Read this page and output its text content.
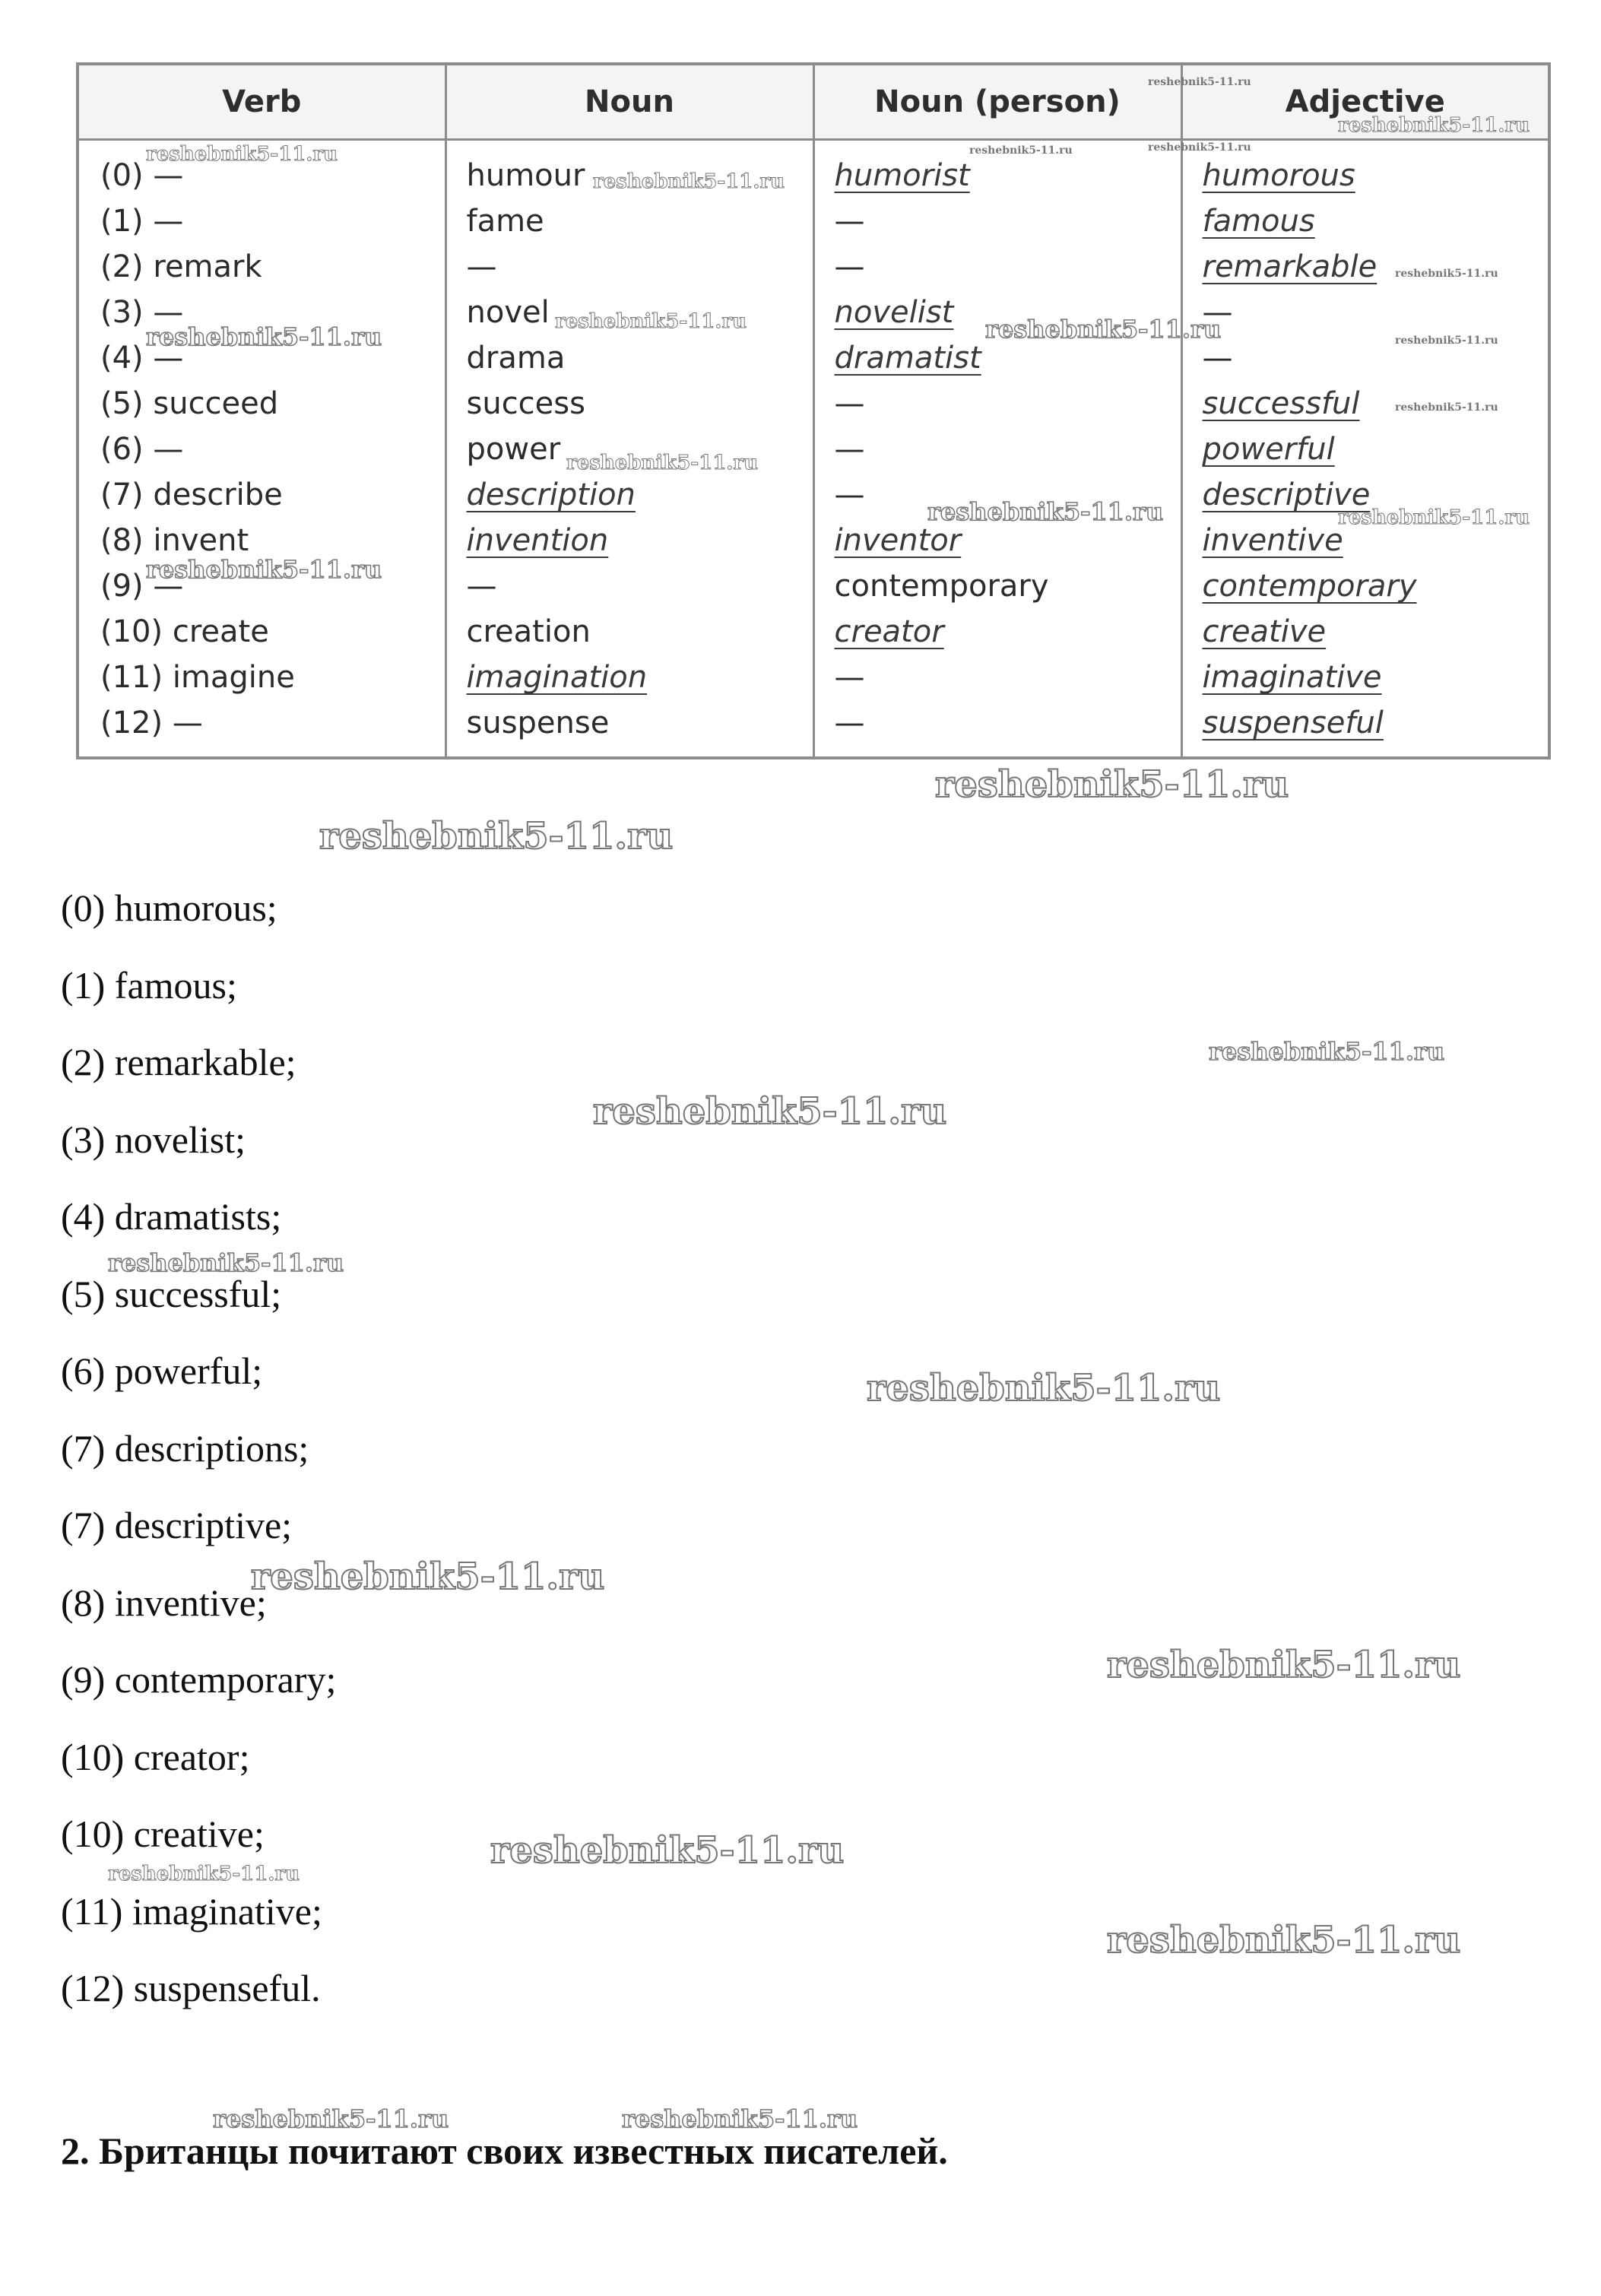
Verb	Noun	Noun (person)	Adjective
(0) —	humour	humorist	humorous
(1) —	fame	—	famous
(2) remark	—	—	remarkable
(3) —	novel	novelist	—
(4) —	drama	dramatist	—
(5) succeed	success	—	successful
(6) —	power	—	powerful
(7) describe	description	—	descriptive
(8) invent	invention	inventor	inventive
(9) —	—	contemporary	contemporary
(10) create	creation	creator	creative
(11) imagine	imagination	—	imaginative
(12) —	suspense	—	suspenseful
(0) humorous;
(1) famous;
(2) remarkable;
(3) novelist;
(4) dramatists;
(5) successful;
(6) powerful;
(7) descriptions;
(7) descriptive;
(8) inventive;
(9) contemporary;
(10) creator;
(10) creative;
(11) imaginative;
(12) suspenseful.
2. Британцы почитают своих известных писателей.
reshebnik5-11.ru
reshebnik5-11.ru
reshebnik5-11.ru
reshebnik5-11.ru
reshebnik5-11.ru
reshebnik5-11.ru
reshebnik5-11.ru
reshebnik5-11.ru
reshebnik5-11.ru
reshebnik5-11.ru
reshebnik5-11.ru
reshebnik5-11.ru	reshebnik5-11.ru
reshebnik5-11.ru
reshebnik5-11.ru
reshebnik5-11.ru
reshebnik5-11.ru
reshebnik5-11.ru
reshebnik5-11.ru
reshebnik5-11.ru
reshebnik5-11.ru
reshebnik5-11.ru
reshebnik5-11.ru
reshebnik5-11.ru
reshebnik5-11.ru
reshebnik5-11.ru
reshebnik5-11.ru
reshebnik5-11.ru	reshebnik5-11.ru
